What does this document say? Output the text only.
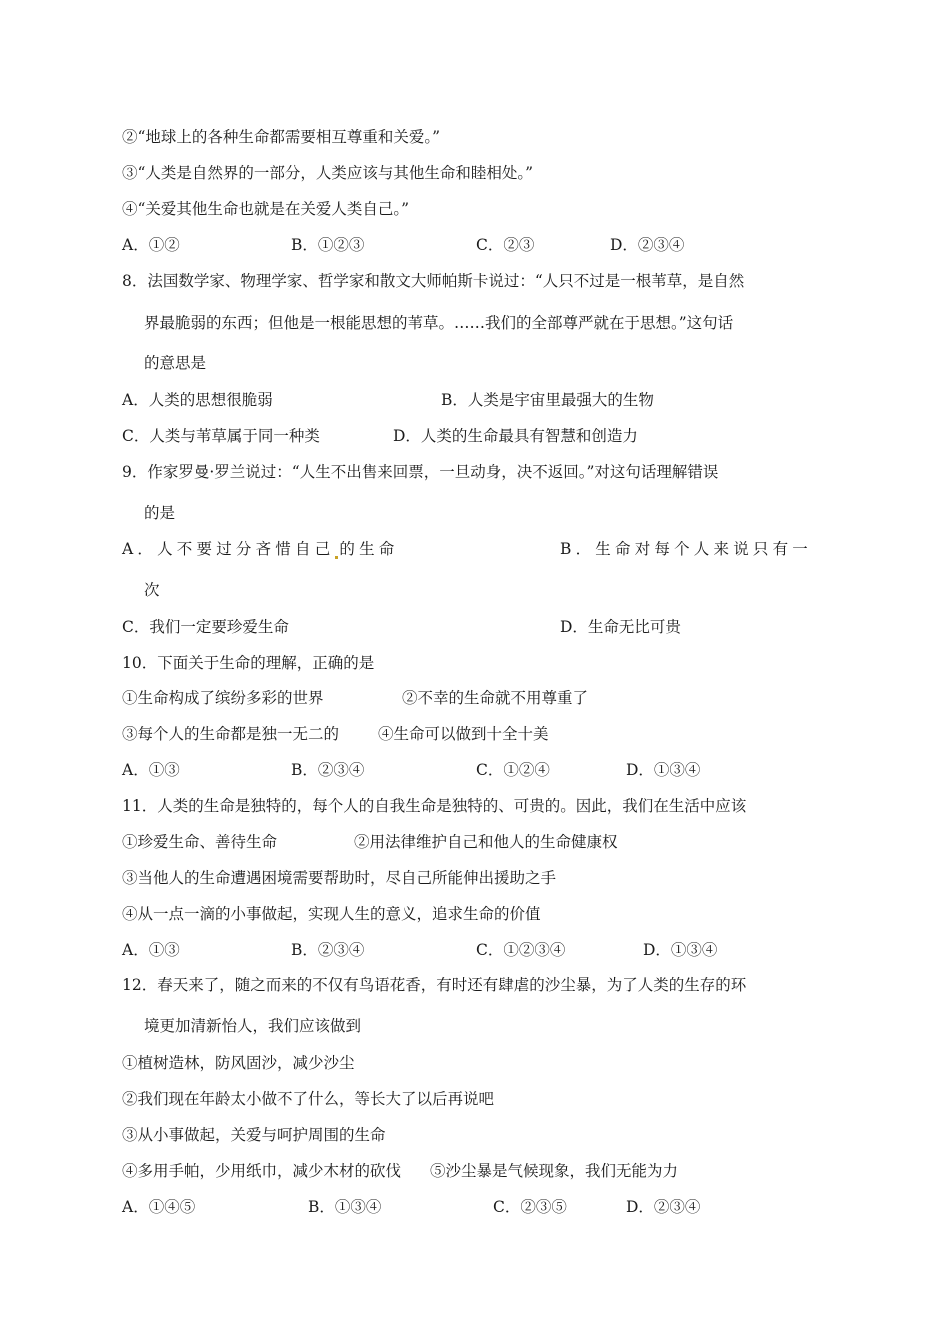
②“地球上的各种生命都需要相互尊重和关爱。”

③“人类是自然界的一部分，人类应该与其他生命和睦相处。”

④“关爱其他生命也就是在关爱人类自己。”

A．①②	B．①②③	C．②③	D．②③④

8．法国数学家、物理学家、哲学家和散文大师帕斯卡说过：“人只不过是一根苇草，是自然

界最脆弱的东西；但他是一根能思想的苇草。……我们的全部尊严就在于思想。”这句话

的意思是

A．人类的思想很脆弱	B．人类是宇宙里最强大的生物
C．人类与苇草属于同一种类	D．人类的生命最具有智慧和创造力

9．作家罗曼·罗兰说过：“人生不出售来回票，一旦动身，决不返回。”对这句话理解错误

的是

A．人不要过分吝惜自己 的生命	B．生命对每个人来说只有一

次

C．我们一定要珍爱生命	D．生命无比可贵

10．下面关于生命的理解，正确的是

①生命构成了缤纷多彩的世界	②不幸的生命就不用尊重了
③每个人的生命都是独一无二的	④生命可以做到十全十美
A．①③	B．②③④	C．①②④	D．①③④

11．人类的生命是独特的，每个人的自我生命是独特的、可贵的。因此，我们在生活中应该

①珍爱生命、善待生命	②用法律维护自己和他人的生命健康权

③当他人的生命遭遇困境需要帮助时，尽自己所能伸出援助之手

④从一点一滴的小事做起，实现人生的意义，追求生命的价值

A．①③	B．②③④	C．①②③④	D．①③④

12．春天来了，随之而来的不仅有鸟语花香，有时还有肆虐的沙尘暴，为了人类的生存的环

境更加清新怡人，我们应该做到

①植树造林，防风固沙，减少沙尘

②我们现在年龄太小做不了什么，等长大了以后再说吧

③从小事做起，关爱与呵护周围的生命

④多用手帕，少用纸巾，减少木材的砍伐 ⑤沙尘暴是气候现象，我们无能为力
A．①④⑤	B．①③④	C．②③⑤	D．②③④
